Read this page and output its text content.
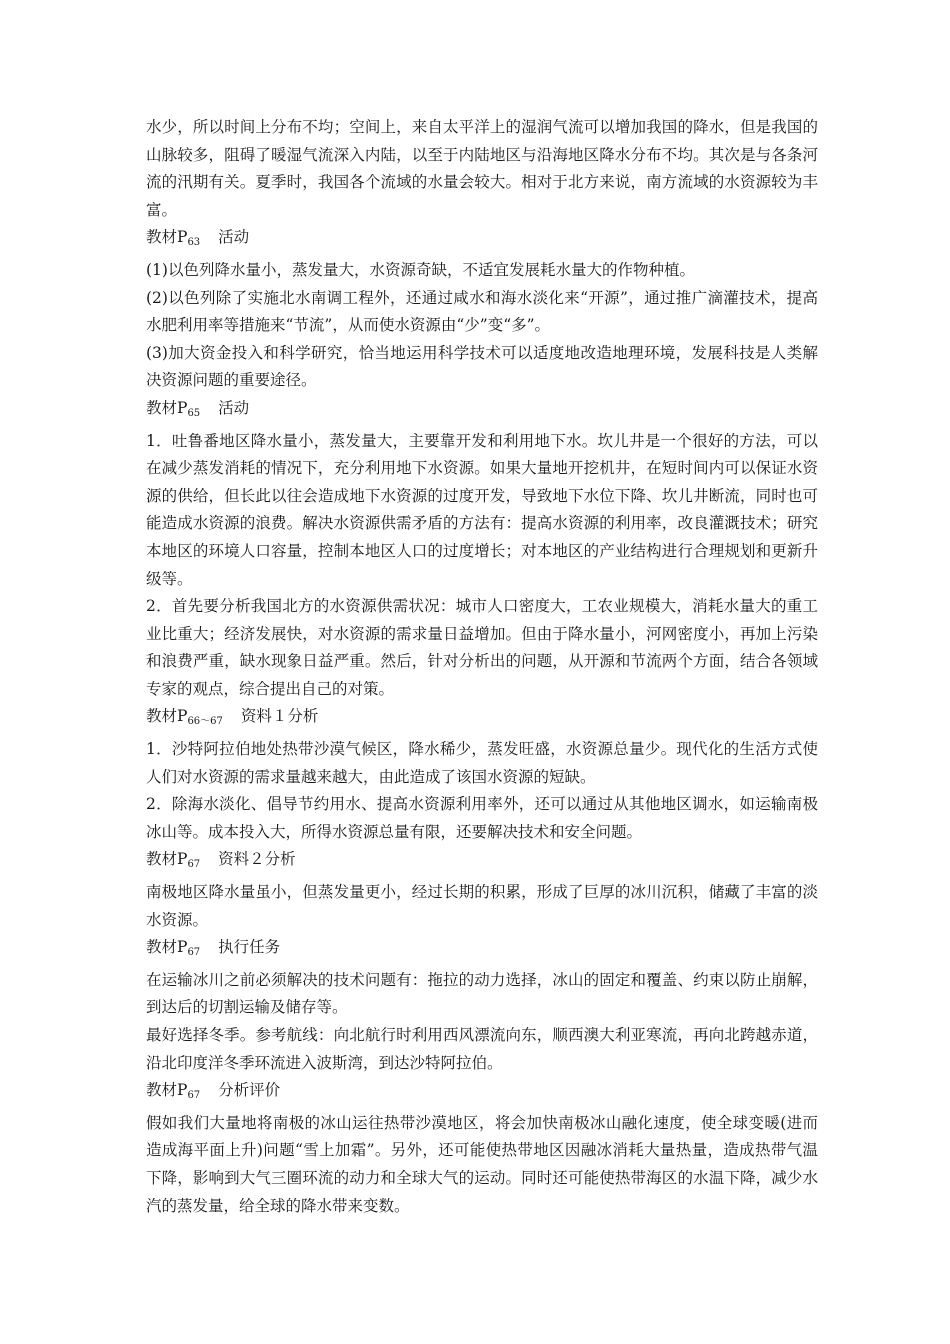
水少，所以时间上分布不均；空间上，来自太平洋上的湿润气流可以增加我国的降水，但是我国的山脉较多，阻碍了暖湿气流深入内陆，以至于内陆地区与沿海地区降水分布不均。其次是与各条河流的汛期有关。夏季时，我国各个流域的水量会较大。相对于北方来说，南方流域的水资源较为丰富。

教材$P_{63}$ 活动

(1)以色列降水量小，蒸发量大，水资源奇缺，不适宜发展耗水量大的作物种植。

(2)以色列除了实施北水南调工程外，还通过咸水和海水淡化来“开源”，通过推广滴灌技术，提高水肥利用率等措施来“节流”，从而使水资源由“少”变“多”。

(3)加大资金投入和科学研究，恰当地运用科学技术可以适度地改造地理环境，发展科技是人类解决资源问题的重要途径。

教材$P_{65}$ 活动

1．吐鲁番地区降水量小，蒸发量大，主要靠开发和利用地下水。坎儿井是一个很好的方法，可以在减少蒸发消耗的情况下，充分利用地下水资源。如果大量地开挖机井，在短时间内可以保证水资源的供给，但长此以往会造成地下水资源的过度开发，导致地下水位下降、坎儿井断流，同时也可能造成水资源的浪费。解决水资源供需矛盾的方法有：提高水资源的利用率，改良灌溉技术；研究本地区的环境人口容量，控制本地区人口的过度增长；对本地区的产业结构进行合理规划和更新升级等。

2．首先要分析我国北方的水资源供需状况：城市人口密度大，工农业规模大，消耗水量大的重工业比重大；经济发展快，对水资源的需求量日益增加。但由于降水量小，河网密度小，再加上污染和浪费严重，缺水现象日益严重。然后，针对分析出的问题，从开源和节流两个方面，结合各领域专家的观点，综合提出自己的对策。

教材$P_{66\sim 67}$ 资料１分析

1．沙特阿拉伯地处热带沙漠气候区，降水稀少，蒸发旺盛，水资源总量少。现代化的生活方式使人们对水资源的需求量越来越大，由此造成了该国水资源的短缺。

2．除海水淡化、倡导节约用水、提高水资源利用率外，还可以通过从其他地区调水，如运输南极冰山等。成本投入大，所得水资源总量有限，还要解决技术和安全问题。

教材$P_{67}$ 资料２分析

南极地区降水量虽小，但蒸发量更小，经过长期的积累，形成了巨厚的冰川沉积，储藏了丰富的淡水资源。

教材$P_{67}$ 执行任务

在运输冰川之前必须解决的技术问题有：拖拉的动力选择，冰山的固定和覆盖、约束以防止崩解，到达后的切割运输及储存等。

最好选择冬季。参考航线：向北航行时利用西风漂流向东，顺西澳大利亚寒流，再向北跨越赤道，沿北印度洋冬季环流进入波斯湾，到达沙特阿拉伯。

教材$P_{67}$ 分析评价

假如我们大量地将南极的冰山运往热带沙漠地区，将会加快南极冰山融化速度，使全球变暖(进而造成海平面上升)问题“雪上加霜”。另外，还可能使热带地区因融冰消耗大量热量，造成热带气温下降，影响到大气三圈环流的动力和全球大气的运动。同时还可能使热带海区的水温下降，减少水汽的蒸发量，给全球的降水带来变数。
